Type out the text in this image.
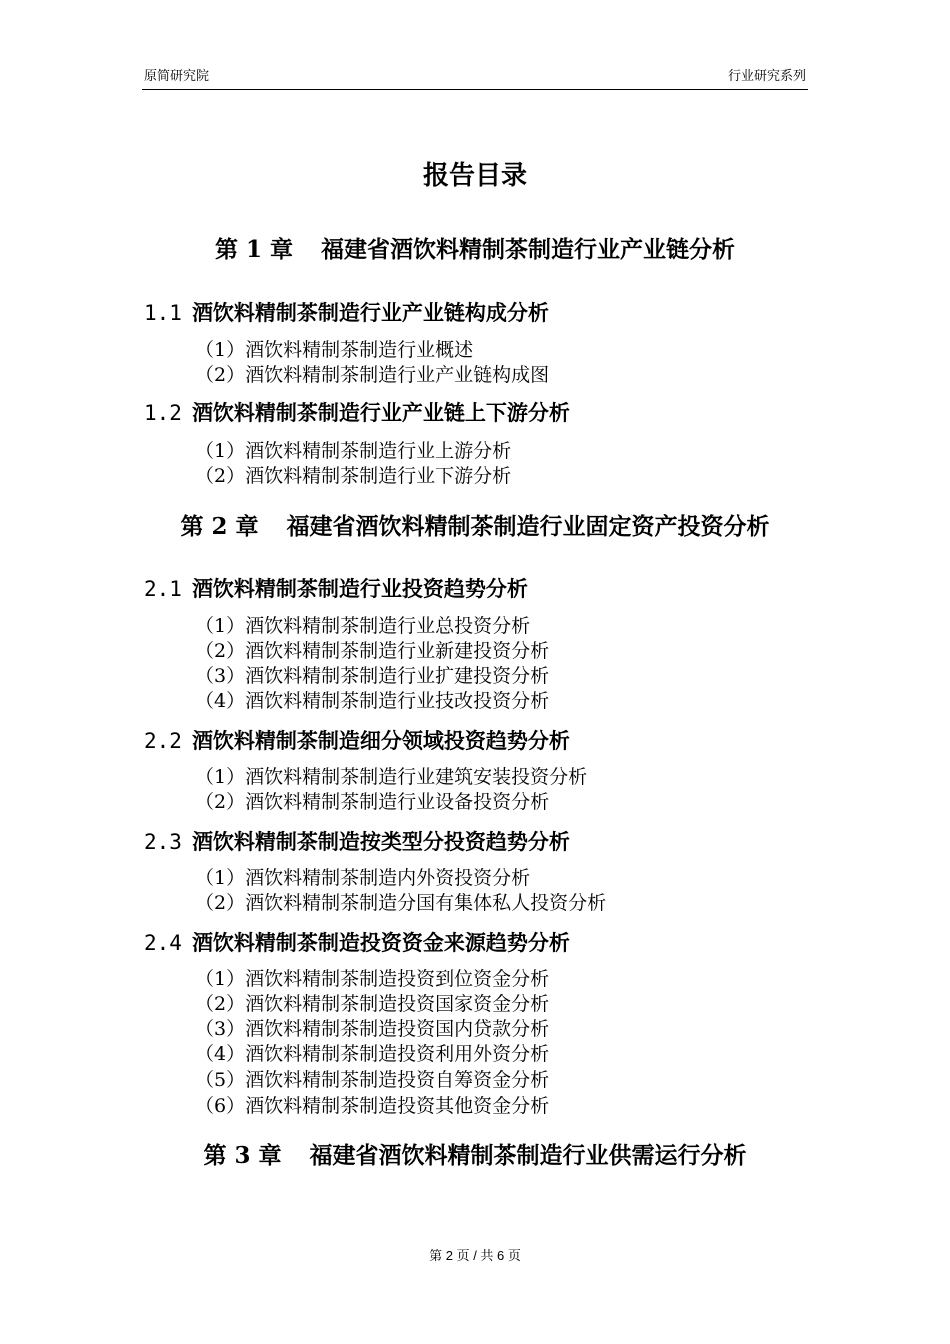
原简研究院	行业研究系列
报告目录
第 1 章 福建省酒饮料精制茶制造行业产业链分析
1.1 酒饮料精制茶制造行业产业链构成分析
（1）酒饮料精制茶制造行业概述
（2）酒饮料精制茶制造行业产业链构成图
1.2 酒饮料精制茶制造行业产业链上下游分析
（1）酒饮料精制茶制造行业上游分析
（2）酒饮料精制茶制造行业下游分析
第 2 章 福建省酒饮料精制茶制造行业固定资产投资分析
2.1 酒饮料精制茶制造行业投资趋势分析
（1）酒饮料精制茶制造行业总投资分析
（2）酒饮料精制茶制造行业新建投资分析
（3）酒饮料精制茶制造行业扩建投资分析
（4）酒饮料精制茶制造行业技改投资分析
2.2 酒饮料精制茶制造细分领域投资趋势分析
（1）酒饮料精制茶制造行业建筑安装投资分析
（2）酒饮料精制茶制造行业设备投资分析
2.3 酒饮料精制茶制造按类型分投资趋势分析
（1）酒饮料精制茶制造内外资投资分析
（2）酒饮料精制茶制造分国有集体私人投资分析
2.4 酒饮料精制茶制造投资资金来源趋势分析
（1）酒饮料精制茶制造投资到位资金分析
（2）酒饮料精制茶制造投资国家资金分析
（3）酒饮料精制茶制造投资国内贷款分析
（4）酒饮料精制茶制造投资利用外资分析
（5）酒饮料精制茶制造投资自筹资金分析
（6）酒饮料精制茶制造投资其他资金分析
第 3 章 福建省酒饮料精制茶制造行业供需运行分析
第 2 页 / 共 6 页
